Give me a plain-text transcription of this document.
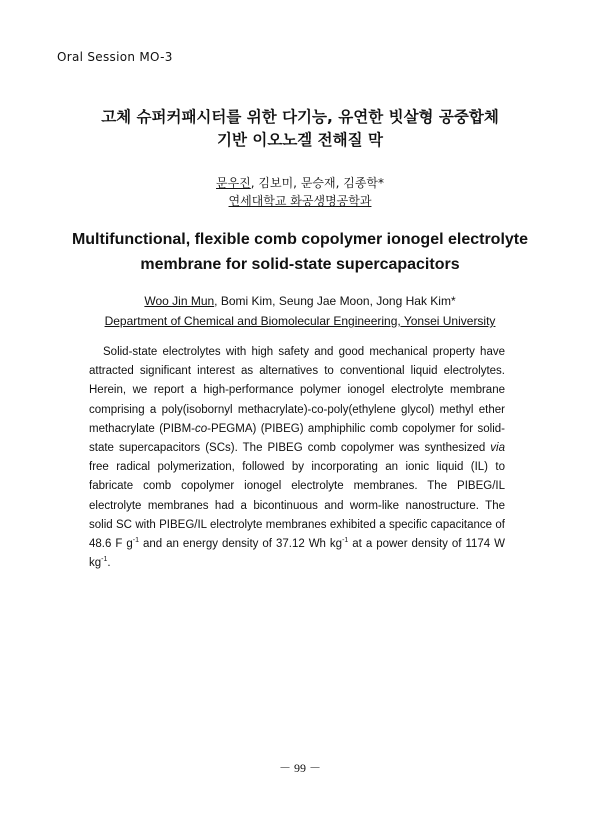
Oral Session MO-3
고체 슈퍼커패시터를 위한 다기능, 유연한 빗살형 공중합체
기반 이오노겔 전해질 막
문우진, 김보미, 문승재, 김종학*
연세대학교 화공생명공학과
Multifunctional, flexible comb copolymer ionogel electrolyte
membrane for solid-state supercapacitors
Woo Jin Mun, Bomi Kim, Seung Jae Moon, Jong Hak Kim*
Department of Chemical and Biomolecular Engineering, Yonsei University
Solid-state electrolytes with high safety and good mechanical property have attracted significant interest as alternatives to conventional liquid electrolytes. Herein, we report a high-performance polymer ionogel electrolyte membrane comprising a poly(isobornyl methacrylate)-co-poly(ethylene glycol) methyl ether methacrylate (PIBM-co-PEGMA) (PIBEG) amphiphilic comb copolymer for solid-state supercapacitors (SCs). The PIBEG comb copolymer was synthesized via free radical polymerization, followed by incorporating an ionic liquid (IL) to fabricate comb copolymer ionogel electrolyte membranes. The PIBEG/IL electrolyte membranes had a bicontinuous and worm-like nanostructure. The solid SC with PIBEG/IL electrolyte membranes exhibited a specific capacitance of 48.6 F $g^{-1}$ and an energy density of 37.12 Wh $kg^{-1}$ at a power density of 1174 W $kg^{-1}$.
－ 99 －
